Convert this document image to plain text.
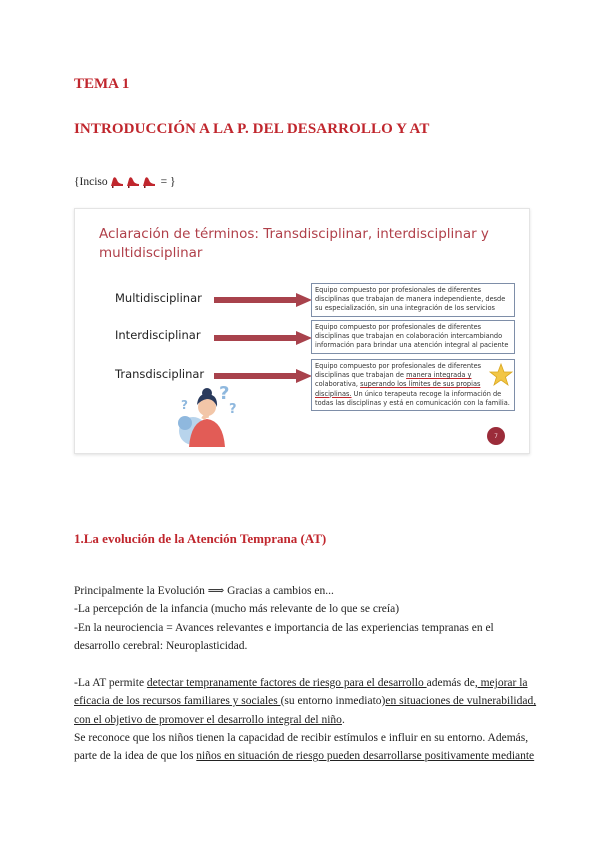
TEMA 1
INTRODUCCIÓN A LA P. DEL DESARROLLO Y AT
{Inciso	= }
Aclaración de términos: Transdisciplinar, interdisciplinar y multidisciplinar
Multidisciplinar
Equipo compuesto por profesionales de diferentes
disciplinas que trabajan de manera independiente, desde
su especialización, sin una integración de los servicios
Interdisciplinar
Equipo compuesto por profesionales de diferentes
disciplinas que trabajan en colaboración intercambiando
información para brindar una atención integral al paciente
Transdisciplinar
Equipo compuesto por profesionales de diferentes
disciplinas que trabajan de manera integrada y
colaborativa, superando los límites de sus propias
disciplinas. Un único terapeuta recoge la información de
todas las disciplinas y está en comunicación con la familia.
?
?
?
7
1.La evolución de la Atención Temprana (AT)
Principalmente la Evolución ⟹ Gracias a cambios en...
-La percepción de la infancia (mucho más relevante de lo que se creía)
-En la neurociencia = Avances relevantes e importancia de las experiencias tempranas en el
desarrollo cerebral: Neuroplasticidad.
-La AT permite detectar tempranamente factores de riesgo para el desarrollo además de, mejorar la
eficacia de los recursos familiares y sociales (su entorno inmediato)en situaciones de vulnerabilidad,
con el objetivo de promover el desarrollo integral del niño.
Se reconoce que los niños tienen la capacidad de recibir estímulos e influir en su entorno. Además,
parte de la idea de que los niños en situación de riesgo pueden desarrollarse positivamente mediante
